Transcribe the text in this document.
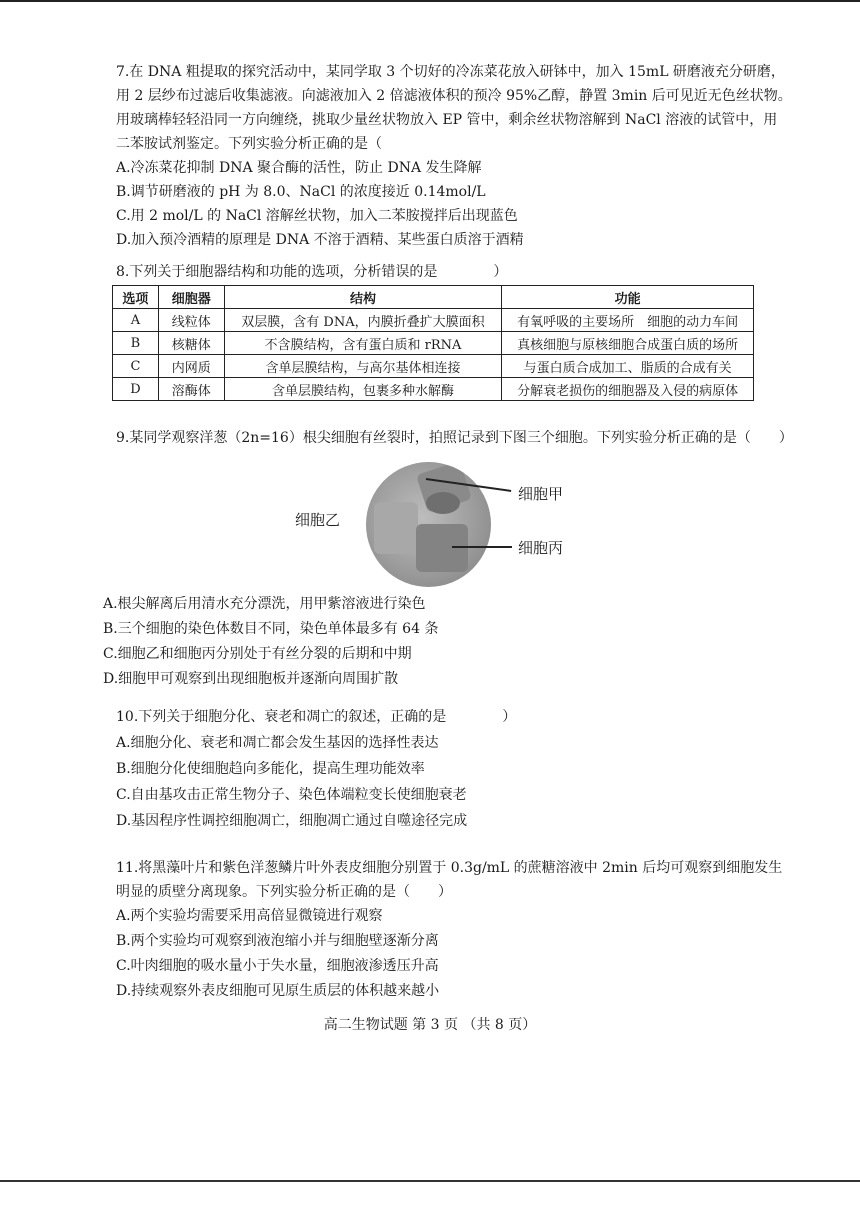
7.在 DNA 粗提取的探究活动中，某同学取 3 个切好的冷冻菜花放入研钵中，加入 15mL 研磨液充分研磨，
用 2 层纱布过滤后收集滤液。向滤液加入 2 倍滤液体积的预冷 95%乙醇，静置 3min 后可见近无色丝状物。
用玻璃棒轻轻沿同一方向缠绕，挑取少量丝状物放入 EP 管中，剩余丝状物溶解到 NaCl 溶液的试管中，用
二苯胺试剂鉴定。下列实验分析正确的是（
A.冷冻菜花抑制 DNA 聚合酶的活性，防止 DNA 发生降解
B.调节研磨液的 pH 为 8.0、NaCl 的浓度接近 0.14mol/L
C.用 2 mol/L 的 NaCl 溶解丝状物，加入二苯胺搅拌后出现蓝色
D.加入预冷酒精的原理是 DNA 不溶于酒精、某些蛋白质溶于酒精
8.下列关于细胞器结构和功能的选项，分析错误的是　　　　）
选项	细胞器	结构	功能
A	线粒体	双层膜，含有 DNA，内膜折叠扩大膜面积	有氧呼吸的主要场所　细胞的动力车间
B	核糖体	不含膜结构，含有蛋白质和 rRNA	真核细胞与原核细胞合成蛋白质的场所
C	内网质	含单层膜结构，与高尔基体相连接	与蛋白质合成加工、脂质的合成有关
D	溶酶体	含单层膜结构，包裹多种水解酶	分解衰老损伤的细胞器及入侵的病原体
9.某同学观察洋葱（2n=16）根尖细胞有丝裂时，拍照记录到下图三个细胞。下列实验分析正确的是（　　）
细胞甲
细胞乙
细胞丙
A.根尖解离后用清水充分漂洗，用甲紫溶液进行染色
B.三个细胞的染色体数目不同，染色单体最多有 64 条
C.细胞乙和细胞丙分别处于有丝分裂的后期和中期
D.细胞甲可观察到出现细胞板并逐渐向周围扩散
10.下列关于细胞分化、衰老和凋亡的叙述，正确的是　　　　）
A.细胞分化、衰老和凋亡都会发生基因的选择性表达
B.细胞分化使细胞趋向多能化，提高生理功能效率
C.自由基攻击正常生物分子、染色体端粒变长使细胞衰老
D.基因程序性调控细胞凋亡，细胞凋亡通过自噬途径完成
11.将黑藻叶片和紫色洋葱鳞片叶外表皮细胞分别置于 0.3g/mL 的蔗糖溶液中 2min 后均可观察到细胞发生
明显的质壁分离现象。下列实验分析正确的是（　　）
A.两个实验均需要采用高倍显微镜进行观察
B.两个实验均可观察到液泡缩小并与细胞壁逐渐分离
C.叶肉细胞的吸水量小于失水量，细胞液渗透压升高
D.持续观察外表皮细胞可见原生质层的体积越来越小
高二生物试题 第 3 页 （共 8 页）
